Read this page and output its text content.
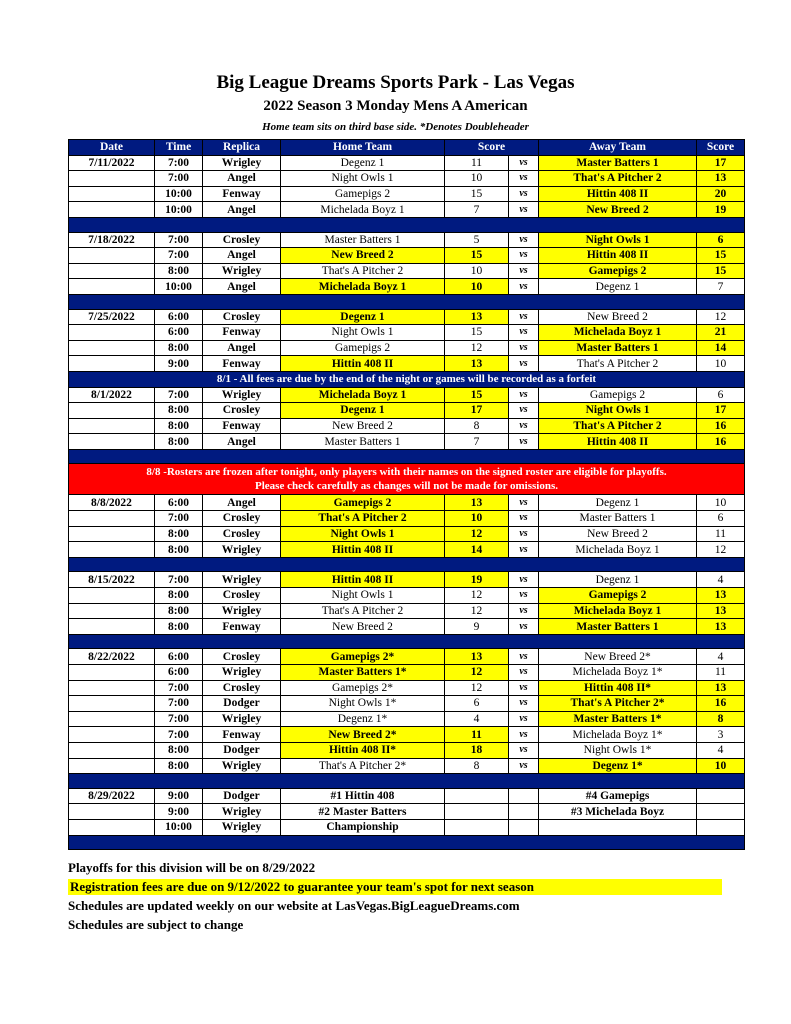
Big League Dreams Sports Park - Las Vegas
2022 Season 3 Monday Mens A American
Home team sits on third base side. *Denotes Doubleheader
Date	Time	Replica	Home Team	Score		Away Team	Score
7/11/2022	7:00	Wrigley	Degenz 1	11	vs	Master Batters 1	17
	7:00	Angel	Night Owls 1	10	vs	That's A Pitcher 2	13
	10:00	Fenway	Gamepigs 2	15	vs	Hittin 408 II	20
	10:00	Angel	Michelada Boyz 1	7	vs	New Breed 2	19

7/18/2022	7:00	Crosley	Master Batters 1	5	vs	Night Owls 1	6
	7:00	Angel	New Breed 2	15	vs	Hittin 408 II	15
	8:00	Wrigley	That's A Pitcher 2	10	vs	Gamepigs 2	15
	10:00	Angel	Michelada Boyz 1	10	vs	Degenz 1	7

7/25/2022	6:00	Crosley	Degenz 1	13	vs	New Breed 2	12
	6:00	Fenway	Night Owls 1	15	vs	Michelada Boyz 1	21
	8:00	Angel	Gamepigs 2	12	vs	Master Batters 1	14
	9:00	Fenway	Hittin 408 II	13	vs	That's A Pitcher 2	10
8/1 - All fees are due by the end of the night or games will be recorded as a forfeit							
8/1/2022	7:00	Wrigley	Michelada Boyz 1	15	vs	Gamepigs 2	6
	8:00	Crosley	Degenz 1	17	vs	Night Owls 1	17
	8:00	Fenway	New Breed 2	8	vs	That's A Pitcher 2	16
	8:00	Angel	Master Batters 1	7	vs	Hittin 408 II	16

8/8 -Rosters are frozen after tonight, only players with their names on the signed roster are eligible for playoffs.
Please check carefully as changes will not be made for omissions.							

8/8/2022	6:00	Angel	Gamepigs 2	13	vs	Degenz 1	10
	7:00	Crosley	That's A Pitcher 2	10	vs	Master Batters 1	6
	8:00	Crosley	Night Owls 1	12	vs	New Breed 2	11
	8:00	Wrigley	Hittin 408 II	14	vs	Michelada Boyz 1	12

8/15/2022	7:00	Wrigley	Hittin 408 II	19	vs	Degenz 1	4
	8:00	Crosley	Night Owls 1	12	vs	Gamepigs 2	13
	8:00	Wrigley	That's A Pitcher 2	12	vs	Michelada Boyz 1	13
	8:00	Fenway	New Breed 2	9	vs	Master Batters 1	13

8/22/2022	6:00	Crosley	Gamepigs 2*	13	vs	New Breed 2*	4
	6:00	Wrigley	Master Batters 1*	12	vs	Michelada Boyz 1*	11
	7:00	Crosley	Gamepigs 2*	12	vs	Hittin 408 II*	13
	7:00	Dodger	Night Owls 1*	6	vs	That's A Pitcher 2*	16
	7:00	Wrigley	Degenz 1*	4	vs	Master Batters 1*	8
	7:00	Fenway	New Breed 2*	11	vs	Michelada Boyz 1*	3
	8:00	Dodger	Hittin 408 II*	18	vs	Night Owls 1*	4
	8:00	Wrigley	That's A Pitcher 2*	8	vs	Degenz 1*	10

8/29/2022	9:00	Dodger	#1 Hittin 408			#4 Gamepigs	
	9:00	Wrigley	#2 Master Batters			#3 Michelada Boyz	
	10:00	Wrigley	Championship				

Playoffs for this division will be on 8/29/2022
Registration fees are due on 9/12/2022 to guarantee your team's spot for next season
Schedules are updated weekly on our website at LasVegas.BigLeagueDreams.com
Schedules are subject to change
